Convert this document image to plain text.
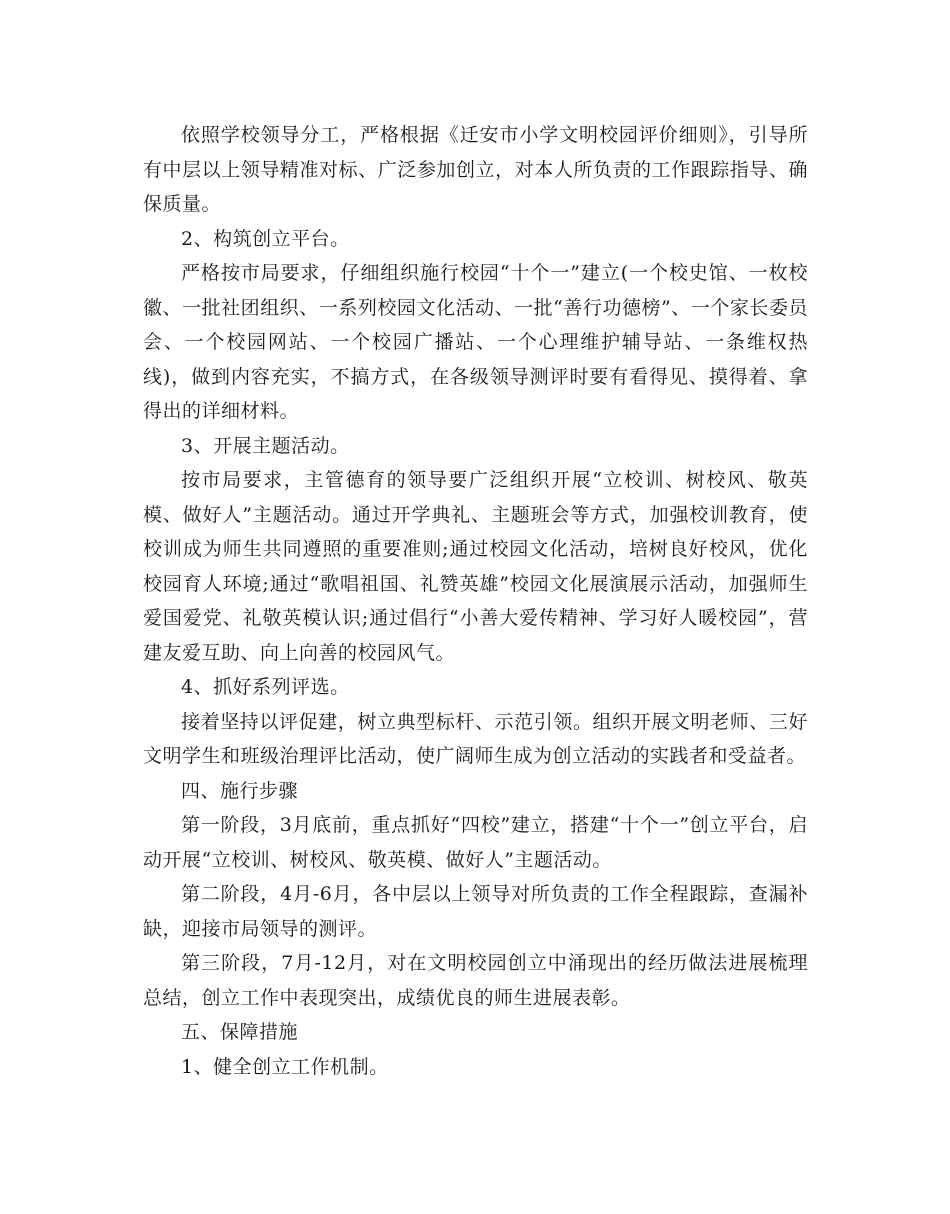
依照学校领导分工，严格根据《迁安市小学文明校园评价细则》，引导所有中层以上领导精准对标、广泛参加创立，对本人所负责的工作跟踪指导、确保质量。

2、构筑创立平台。

严格按市局要求，仔细组织施行校园“十个一”建立(一个校史馆、一枚校徽、一批社团组织、一系列校园文化活动、一批“善行功德榜”、一个家长委员会、一个校园网站、一个校园广播站、一个心理维护辅导站、一条维权热线)，做到内容充实，不搞方式，在各级领导测评时要有看得见、摸得着、拿得出的详细材料。

3、开展主题活动。

按市局要求，主管德育的领导要广泛组织开展“立校训、树校风、敬英模、做好人”主题活动。通过开学典礼、主题班会等方式，加强校训教育，使校训成为师生共同遵照的重要准则;通过校园文化活动，培树良好校风，优化校园育人环境;通过“歌唱祖国、礼赞英雄”校园文化展演展示活动，加强师生爱国爱党、礼敬英模认识;通过倡行“小善大爱传精神、学习好人暖校园”，营建友爱互助、向上向善的校园风气。

4、抓好系列评选。

接着坚持以评促建，树立典型标杆、示范引领。组织开展文明老师、三好文明学生和班级治理评比活动，使广阔师生成为创立活动的实践者和受益者。

四、施行步骤

第一阶段，3月底前，重点抓好“四校”建立，搭建“十个一”创立平台，启动开展“立校训、树校风、敬英模、做好人”主题活动。

第二阶段，4月-6月，各中层以上领导对所负责的工作全程跟踪，查漏补缺，迎接市局领导的测评。

第三阶段，7月-12月，对在文明校园创立中涌现出的经历做法进展梳理总结，创立工作中表现突出，成绩优良的师生进展表彰。

五、保障措施

1、健全创立工作机制。
